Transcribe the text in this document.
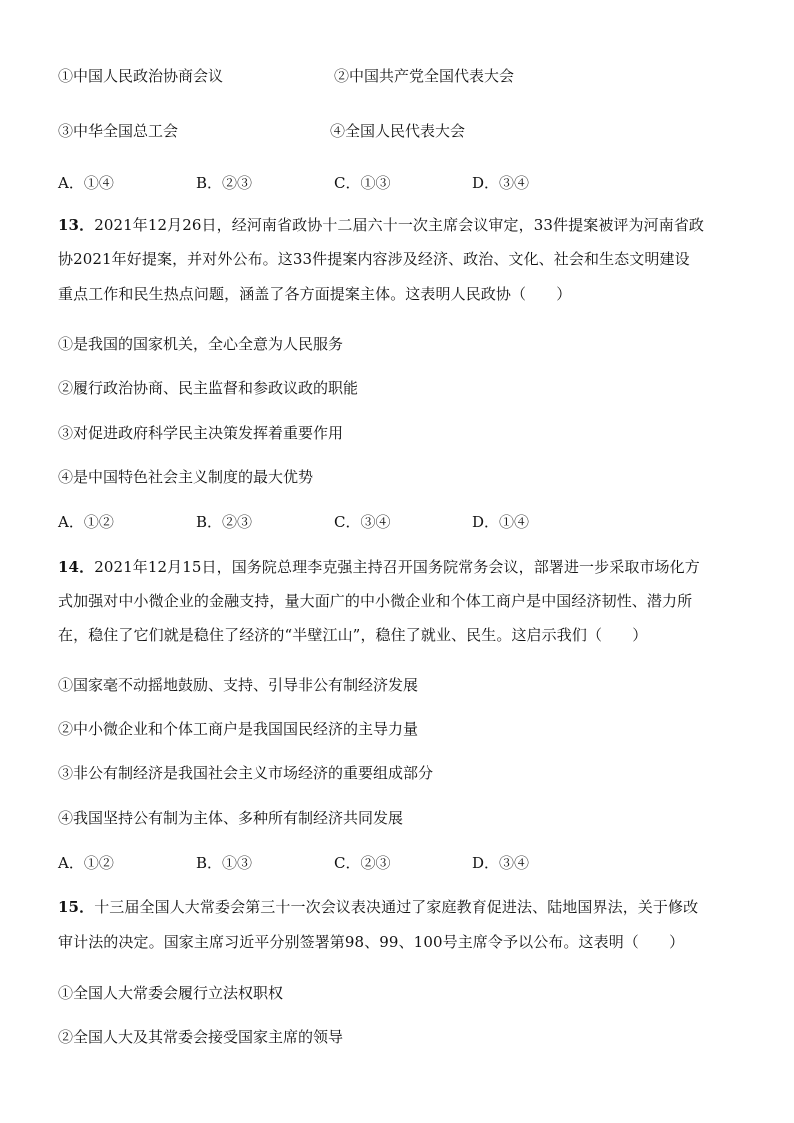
①中国人民政治协商会议	②中国共产党全国代表大会
③中华全国总工会	④全国人民代表大会
A．①④	B．②③	C．①③	D．③④
13．2021年12月26日，经河南省政协十二届六十一次主席会议审定，33件提案被评为河南省政
协2021年好提案，并对外公布。这33件提案内容涉及经济、政治、文化、社会和生态文明建设
重点工作和民生热点问题，涵盖了各方面提案主体。这表明人民政协（　　）
①是我国的国家机关，全心全意为人民服务
②履行政治协商、民主监督和参政议政的职能
③对促进政府科学民主决策发挥着重要作用
④是中国特色社会主义制度的最大优势
A．①②	B．②③	C．③④	D．①④
14．2021年12月15日，国务院总理李克强主持召开国务院常务会议，部署进一步采取市场化方
式加强对中小微企业的金融支持，量大面广的中小微企业和个体工商户是中国经济韧性、潜力所
在，稳住了它们就是稳住了经济的“半壁江山”，稳住了就业、民生。这启示我们（　　）
①国家毫不动摇地鼓励、支持、引导非公有制经济发展
②中小微企业和个体工商户是我国国民经济的主导力量
③非公有制经济是我国社会主义市场经济的重要组成部分
④我国坚持公有制为主体、多种所有制经济共同发展
A．①②	B．①③	C．②③	D．③④
15．十三届全国人大常委会第三十一次会议表决通过了家庭教育促进法、陆地国界法，关于修改
审计法的决定。国家主席习近平分别签署第98、99、100号主席令予以公布。这表明（　　）
①全国人大常委会履行立法权职权
②全国人大及其常委会接受国家主席的领导
